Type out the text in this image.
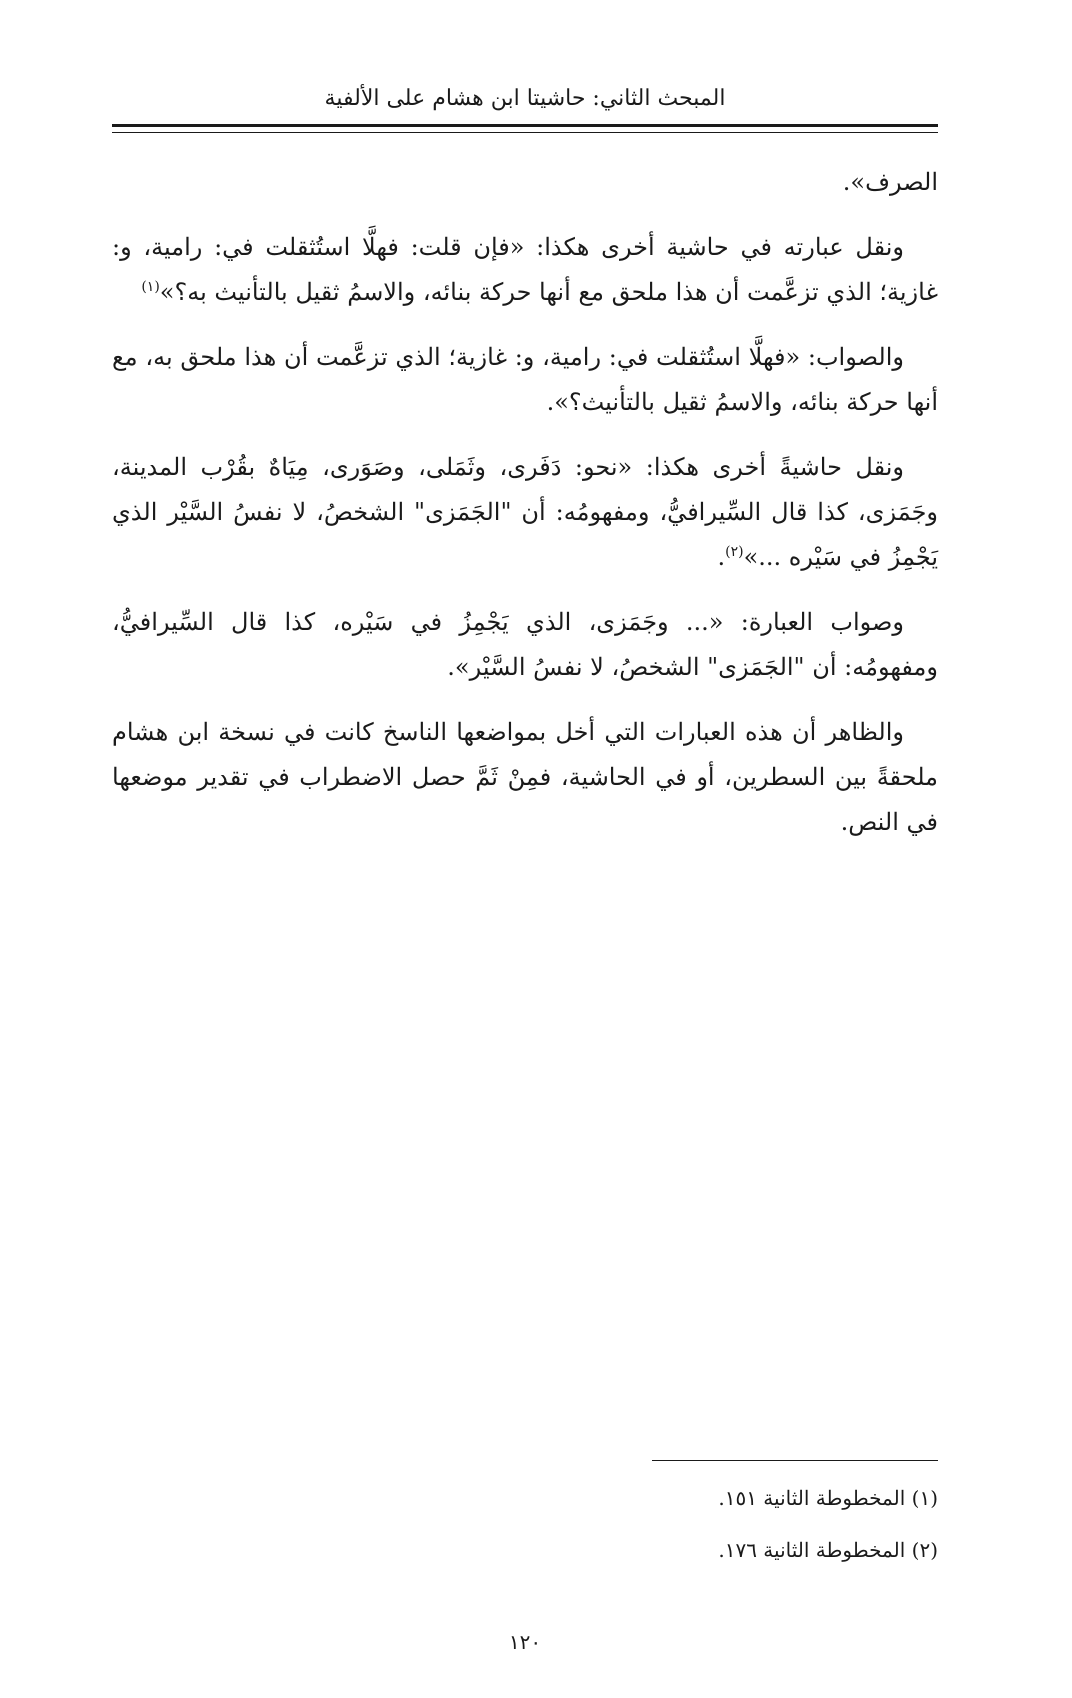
المبحث الثاني: حاشيتا ابن هشام على الألفية

الصرف».

ونقل عبارته في حاشية أخرى هكذا: «فإن قلت: فهلَّا استُثقلت في: رامية، و: غازية؛ الذي تزعَّمت أن هذا ملحق مع أنها حركة بنائه، والاسمُ ثقيل بالتأنيث به؟»$^{(١)}$

والصواب: «فهلَّا استُثقلت في: رامية، و: غازية؛ الذي تزعَّمت أن هذا ملحق به، مع أنها حركة بنائه، والاسمُ ثقيل بالتأنيث؟».

ونقل حاشيةً أخرى هكذا: «نحو: دَفَرى، وثَمَلى، وصَوَرى، مِيَاهٌ بقُرْب المدينة، وجَمَزى، كذا قال السِّيرافيُّ، ومفهومُه: أن "الجَمَزى" الشخصُ، لا نفسُ السَّيْر الذي يَجْمِزُ في سَيْره ...»$^{(٢)}$.

وصواب العبارة: «... وجَمَزى، الذي يَجْمِزُ في سَيْره، كذا قال السِّيرافيُّ، ومفهومُه: أن "الجَمَزى" الشخصُ، لا نفسُ السَّيْر».

والظاهر أن هذه العبارات التي أخل بمواضعها الناسخ كانت في نسخة ابن هشام ملحقةً بين السطرين، أو في الحاشية، فمِنْ ثَمَّ حصل الاضطراب في تقدير موضعها في النص.

(١) المخطوطة الثانية ١٥١.
(٢) المخطوطة الثانية ١٧٦.
١٢٠
